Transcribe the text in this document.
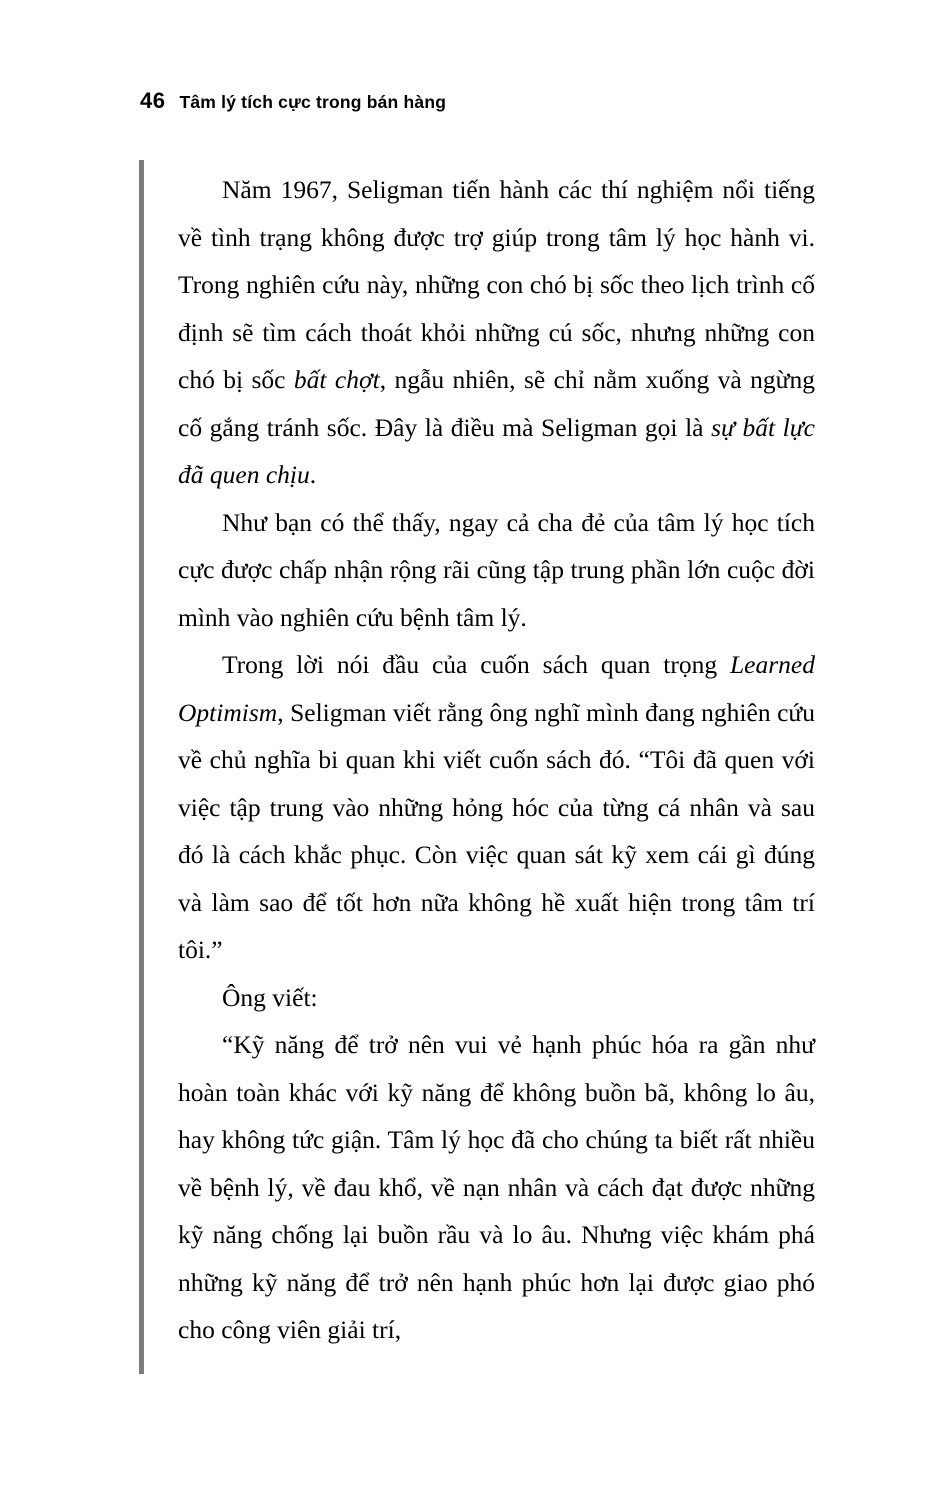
46 Tâm lý tích cực trong bán hàng

Năm 1967, Seligman tiến hành các thí nghiệm nổi tiếng về tình trạng không được trợ giúp trong tâm lý học hành vi. Trong nghiên cứu này, những con chó bị sốc theo lịch trình cố định sẽ tìm cách thoát khỏi những cú sốc, nhưng những con chó bị sốc bất chợt, ngẫu nhiên, sẽ chỉ nằm xuống và ngừng cố gắng tránh sốc. Đây là điều mà Seligman gọi là sự bất lực đã quen chịu.

Như bạn có thể thấy, ngay cả cha đẻ của tâm lý học tích cực được chấp nhận rộng rãi cũng tập trung phần lớn cuộc đời mình vào nghiên cứu bệnh tâm lý.

Trong lời nói đầu của cuốn sách quan trọng Learned Optimism, Seligman viết rằng ông nghĩ mình đang nghiên cứu về chủ nghĩa bi quan khi viết cuốn sách đó. “Tôi đã quen với việc tập trung vào những hỏng hóc của từng cá nhân và sau đó là cách khắc phục. Còn việc quan sát kỹ xem cái gì đúng và làm sao để tốt hơn nữa không hề xuất hiện trong tâm trí tôi.”

Ông viết:

“Kỹ năng để trở nên vui vẻ hạnh phúc hóa ra gần như hoàn toàn khác với kỹ năng để không buồn bã, không lo âu, hay không tức giận. Tâm lý học đã cho chúng ta biết rất nhiều về bệnh lý, về đau khổ, về nạn nhân và cách đạt được những kỹ năng chống lại buồn rầu và lo âu. Nhưng việc khám phá những kỹ năng để trở nên hạnh phúc hơn lại được giao phó cho công viên giải trí,
